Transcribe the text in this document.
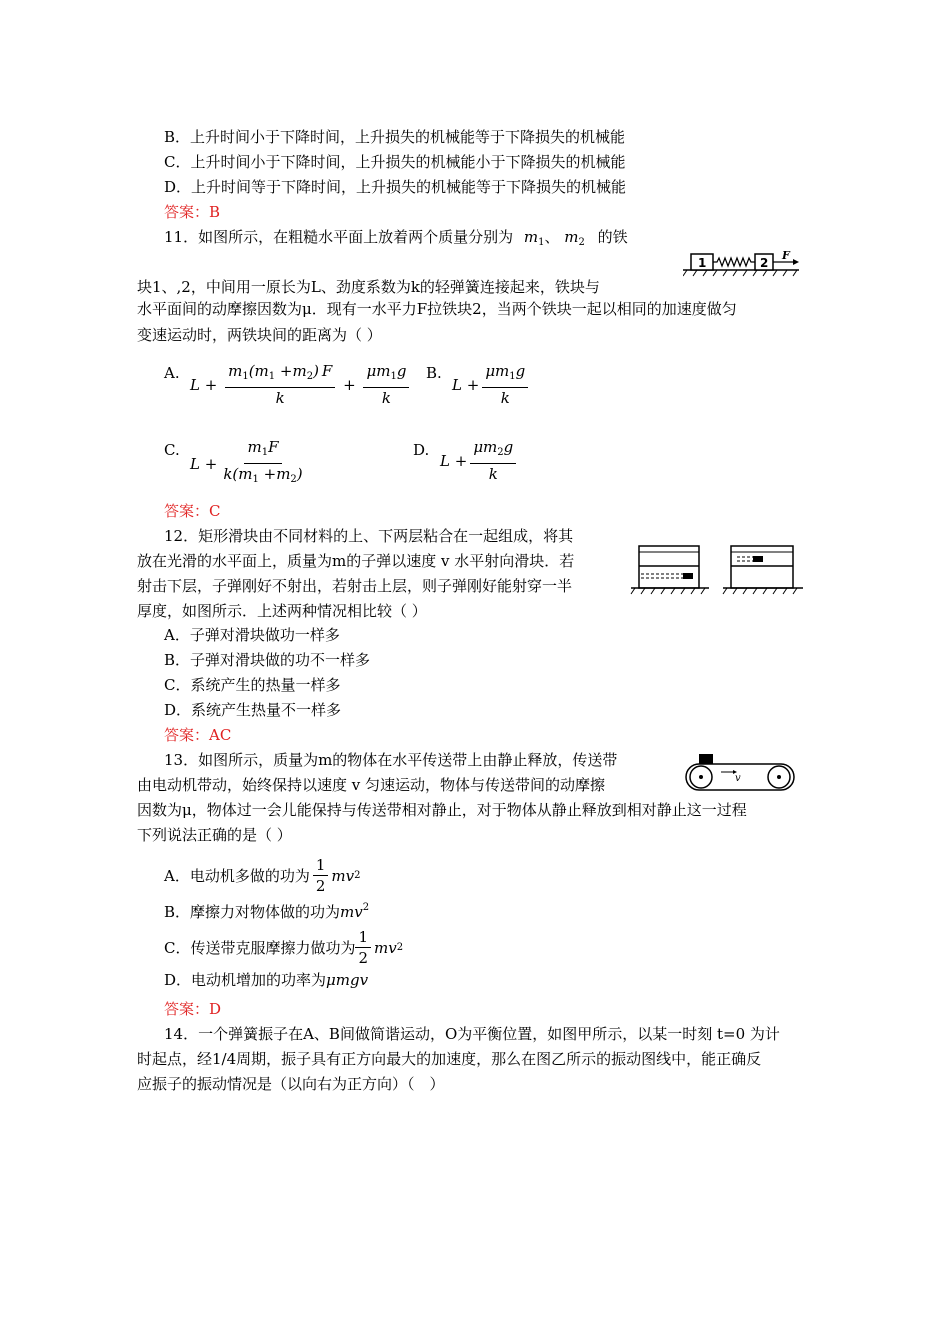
B．上升时间小于下降时间，上升损失的机械能等于下降损失的机械能
C．上升时间小于下降时间，上升损失的机械能小于下降损失的机械能
D．上升时间等于下降时间，上升损失的机械能等于下降损失的机械能
答案：B
11．如图所示，在粗糙水平面上放着两个质量分别为 $m_1$、 $m_2$ 的铁
1	2
F
块1、,2，中间用一原长为L、劲度系数为k的轻弹簧连接起来，铁块与
水平面间的动摩擦因数为μ．现有一水平力F拉铁块2，当两个铁块一起以相同的加速度做匀
变速运动时，两铁块间的距离为（ ）
A.
$L + \frac{m_1(m_1 +m_2) F}{k} + \frac{\mu m_1g}{k} B$.
$L + \frac{\mu m_1g}{k}$
C.
$L + \frac{m_1F}{k(m_1 +m_2)}$	D.
$L + \frac{\mu m_2g}{k}$
答案：C
12．矩形滑块由不同材料的上、下两层粘合在一起组成，将其
放在光滑的水平面上，质量为m的子弹以速度 v 水平射向滑块．若
射击下层，子弹刚好不射出，若射击上层，则子弹刚好能射穿一半
厚度，如图所示．上述两种情况相比较（ ）
A．子弹对滑块做功一样多
B．子弹对滑块做的功不一样多
C．系统产生的热量一样多
D．系统产生热量不一样多
答案：AC
13．如图所示，质量为m的物体在水平传送带上由静止释放，传送带
由电动机带动，始终保持以速度 v 匀速运动，物体与传送带间的动摩擦
因数为μ，物体过一会儿能保持与传送带相对静止，对于物体从静止释放到相对静止这一过程
下列说法正确的是（ ）
v
A．电动机多做的功为 $\frac{1}{2}$ mv 2
B．摩擦力对物体做的功为$mv^2$
C．传送带克服摩擦力做功为 $\frac{1}{2}$ mv 2
D．电动机增加的功率为μmgv
答案：D
14．一个弹簧振子在A、B间做简谐运动，O为平衡位置，如图甲所示，以某一时刻 t=0 为计
时起点，经1/4周期，振子具有正方向最大的加速度，那么在图乙所示的振动图线中，能正确反
应振子的振动情况是（以向右为正方向）（　）
